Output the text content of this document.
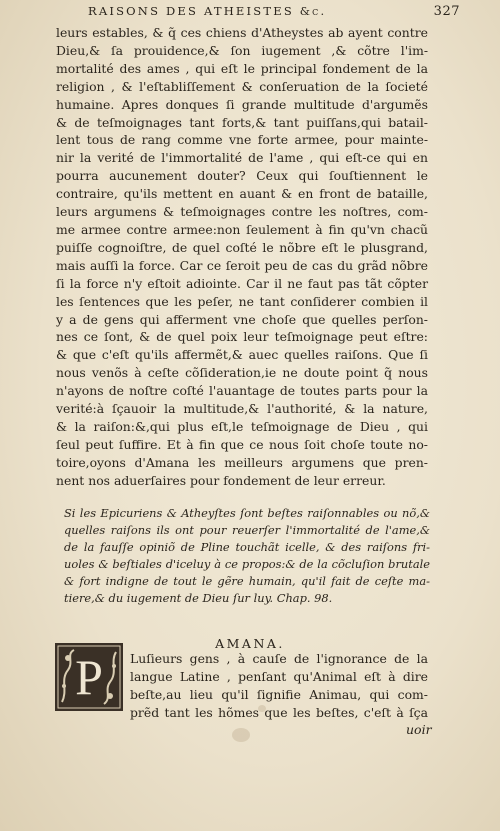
RAISONS DES ATHEISTES &c.	327
leurs estables, & q̃ ces chiens d'Atheystes ab ayent contre
Dieu,& ſa prouidence,& ſon iugement ,& cõtre l'im-
mortalité des ames , qui eſt le principal fondement de la
religion , & l'eſtabliſſement & conſeruation de la ſocieté
humaine. Apres donques ſi grande multitude d'argumẽs
& de teſmoignages tant forts,& tant puiſſans,qui batail-
lent tous de rang comme vne forte armee, pour mainte-
nir la verité de l'immortalité de l'ame , qui eſt-ce qui en
pourra aucunement douter? Ceux qui ſouſtiennent le
contraire, qu'ils mettent en auant & en front de bataille,
leurs argumens & teſmoignages contre les noſtres, com-
me armee contre armee:non ſeulement à fin qu'vn chacũ
puiſſe cognoiſtre, de quel coſté le nõbre eſt le plusgrand,
mais auſſi la force. Car ce ſeroit peu de cas du grãd nõbre
ſi la force n'y eſtoit adiointe. Car il ne faut pas tãt cõpter
les ſentences que les peſer, ne tant conſiderer combien il
y a de gens qui afferment vne choſe que quelles perſon-
nes ce ſont, & de quel poix leur teſmoignage peut eſtre:
& que c'eſt qu'ils affermẽt,& auec quelles raiſons. Que ſi
nous venõs à ceſte cõſideration,ie ne doute point q̃ nous
n'ayons de noſtre coſté l'auantage de toutes parts pour la
verité:à ſçauoir la multitude,& l'authorité, & la nature,
& la raiſon:&,qui plus eſt,le teſmoignage de Dieu , qui
ſeul peut ſuffire. Et à fin que ce nous ſoit choſe toute no-
toire,oyons d'Amana les meilleurs argumens que pren-
nent nos aduerſaires pour fondement de leur erreur.
Si les Epicuriens & Atheyſtes ſont beſtes raiſonnables ou nõ,&
quelles raiſons ils ont pour reuerſer l'immortalité de l'ame,&
de la fauſſe opiniõ de Pline touchãt icelle, & des raiſons fri-
uoles & beſtiales d'iceluy à ce propos:& de la cõcluſion brutale
& fort indigne de tout le gẽre humain, qu'il fait de ceſte ma-
tiere,& du iugement de Dieu ſur luy. Chap. 98.
AMANA.
P Luſieurs gens , à cauſe de l'ignorance de la
langue Latine , penſant qu'Animal eſt à dire
beſte,au lieu qu'il ſignifie Animau, qui com-
prẽd tant les hõmes que les beſtes, c'eſt à ſça
uoir
